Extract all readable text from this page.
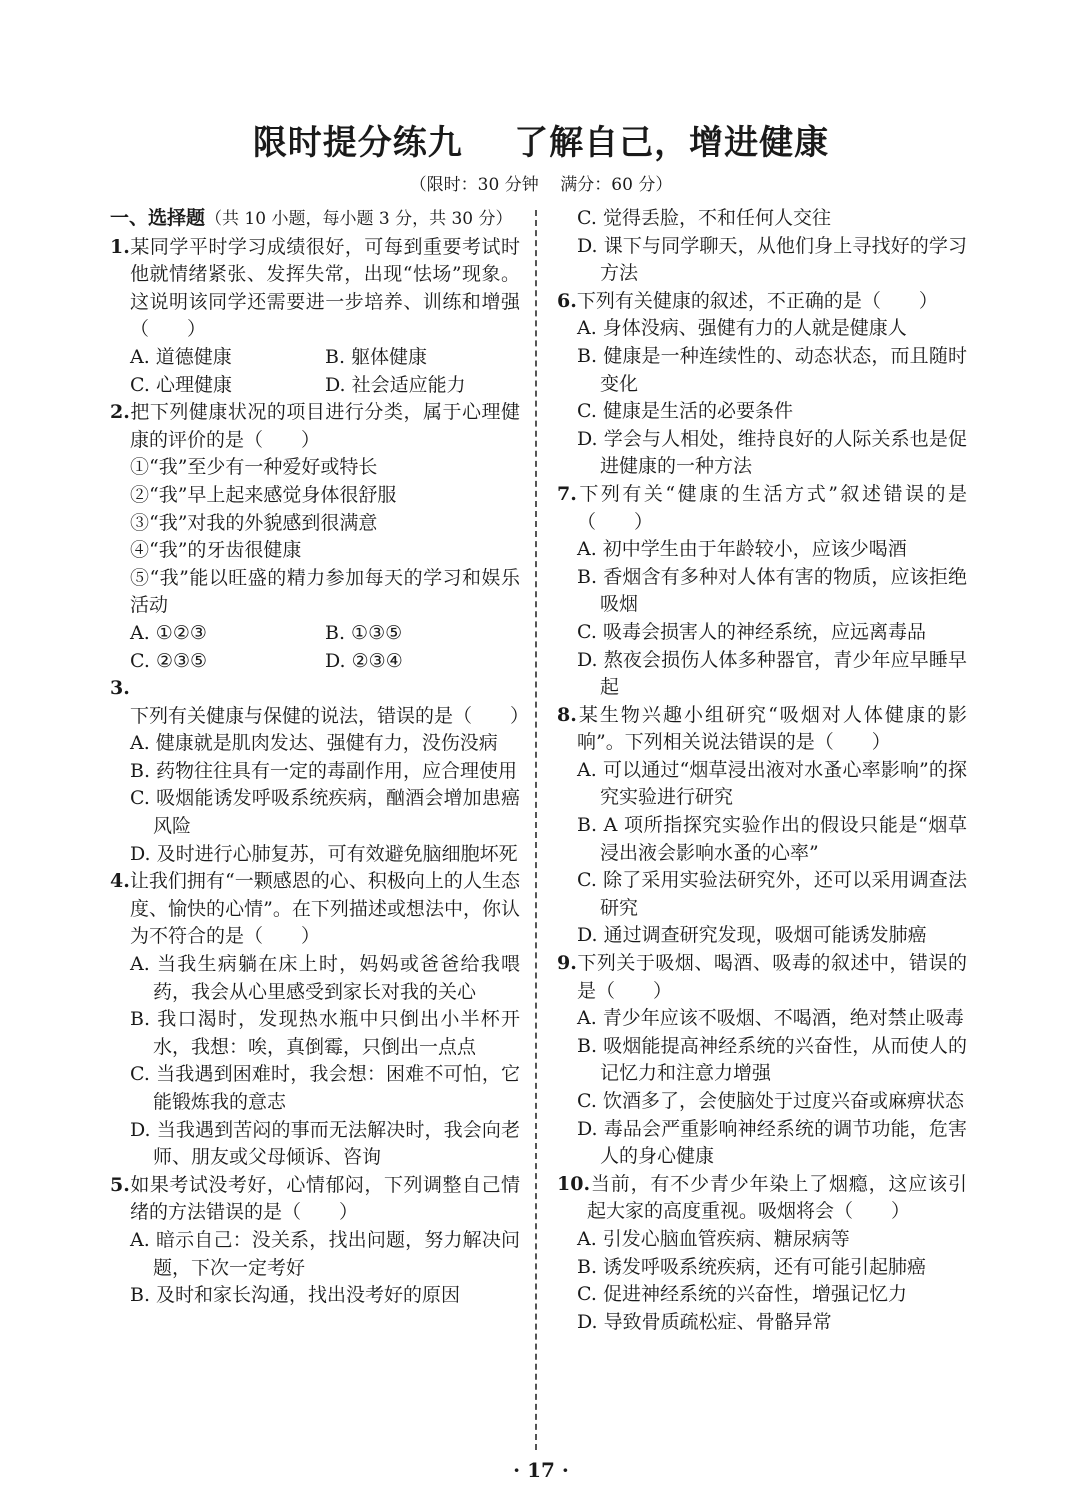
限时提分练九    了解自己，增进健康
（限时：30 分钟    满分：60 分）
一、选择题（共 10 小题，每小题 3 分，共 30 分）
1.某同学平时学习成绩很好，可每到重要考试时他就情绪紧张、发挥失常，出现“怯场”现象。这说明该同学还需要进一步培养、训练和增强（　　）
A. 道德健康	B. 躯体健康
C. 心理健康	D. 社会适应能力
2.把下列健康状况的项目进行分类，属于心理健康的评价的是（　　）
①“我”至少有一种爱好或特长
②“我”早上起来感觉身体很舒服
③“我”对我的外貌感到很满意
④“我”的牙齿很健康
⑤“我”能以旺盛的精力参加每天的学习和娱乐活动
A. ①②③	B. ①③⑤
C. ②③⑤	D. ②③④
3.下列有关健康与保健的说法，错误的是（　　）
A. 健康就是肌肉发达、强健有力，没伤没病
B. 药物往往具有一定的毒副作用，应合理使用
C. 吸烟能诱发呼吸系统疾病，酗酒会增加患癌风险
D. 及时进行心肺复苏，可有效避免脑细胞坏死
4.让我们拥有“一颗感恩的心、积极向上的人生态度、愉快的心情”。在下列描述或想法中，你认为不符合的是（　　）
A. 当我生病躺在床上时，妈妈或爸爸给我喂药，我会从心里感受到家长对我的关心
B. 我口渴时，发现热水瓶中只倒出小半杯开水，我想：唉，真倒霉，只倒出一点点
C. 当我遇到困难时，我会想：困难不可怕，它能锻炼我的意志
D. 当我遇到苦闷的事而无法解决时，我会向老师、朋友或父母倾诉、咨询
5.如果考试没考好，心情郁闷，下列调整自己情绪的方法错误的是（　　）
A. 暗示自己：没关系，找出问题，努力解决问题，下次一定考好
B. 及时和家长沟通，找出没考好的原因
C. 觉得丢脸，不和任何人交往
D. 课下与同学聊天，从他们身上寻找好的学习方法
6.下列有关健康的叙述，不正确的是（　　）
A. 身体没病、强健有力的人就是健康人
B. 健康是一种连续性的、动态状态，而且随时变化
C. 健康是生活的必要条件
D. 学会与人相处，维持良好的人际关系也是促进健康的一种方法
7.下列有关“健康的生活方式”叙述错误的是（　　）
A. 初中学生由于年龄较小，应该少喝酒
B. 香烟含有多种对人体有害的物质，应该拒绝吸烟
C. 吸毒会损害人的神经系统，应远离毒品
D. 熬夜会损伤人体多种器官，青少年应早睡早起
8.某生物兴趣小组研究“吸烟对人体健康的影响”。下列相关说法错误的是（　　）
A. 可以通过“烟草浸出液对水蚤心率影响”的探究实验进行研究
B. A 项所指探究实验作出的假设只能是“烟草浸出液会影响水蚤的心率”
C. 除了采用实验法研究外，还可以采用调查法研究
D. 通过调查研究发现，吸烟可能诱发肺癌
9.下列关于吸烟、喝酒、吸毒的叙述中，错误的是（　　）
A. 青少年应该不吸烟、不喝酒，绝对禁止吸毒
B. 吸烟能提高神经系统的兴奋性，从而使人的记忆力和注意力增强
C. 饮酒多了，会使脑处于过度兴奋或麻痹状态
D. 毒品会严重影响神经系统的调节功能，危害人的身心健康
10.当前，有不少青少年染上了烟瘾，这应该引起大家的高度重视。吸烟将会（　　）
A. 引发心脑血管疾病、糖尿病等
B. 诱发呼吸系统疾病，还有可能引起肺癌
C. 促进神经系统的兴奋性，增强记忆力
D. 导致骨质疏松症、骨骼异常
· 17 ·
